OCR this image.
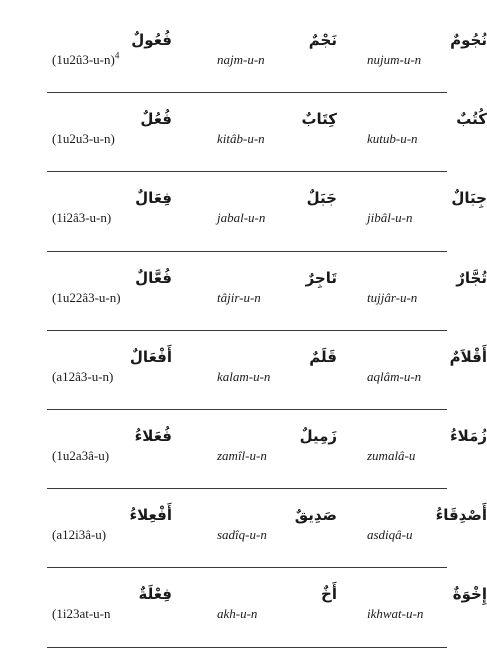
فُعُولٌ
(1u2û3-u-n)$^4$
نَجْمٌ
najm-u-n
نُجُومٌ
nujum-u-n
فُعُلٌ
(1u2u3-u-n)
كِتَابٌ
kitâb-u-n
كُتُبٌ
kutub-u-n
فِعَالٌ
(1i2â3-u-n)
جَبَلٌ
jabal-u-n
جِبَالٌ
jibâl-u-n
فُعَّالٌ
(1u22â3-u-n)
تَاجِرٌ
tâjir-u-n
تُجَّارٌ
tujjâr-u-n
أَفْعَالٌ
(a12â3-u-n)
قَلَمٌ
kalam-u-n
أَقْلاَمٌ
aqlâm-u-n
فُعَلاءُ
(1u2a3â-u)
زَمِيلٌ
zamîl-u-n
زُمَلاءُ
zumalâ-u
أَفْعِلاءُ
(a12i3â-u)
صَدِيقٌ
sadîq-u-n
أَصْدِقَاءُ
asdiqâ-u
فِعْلَةٌ
(1i23at-u-n
أَخٌ
akh-u-n
إِخْوَةٌ
ikhwat-u-n
